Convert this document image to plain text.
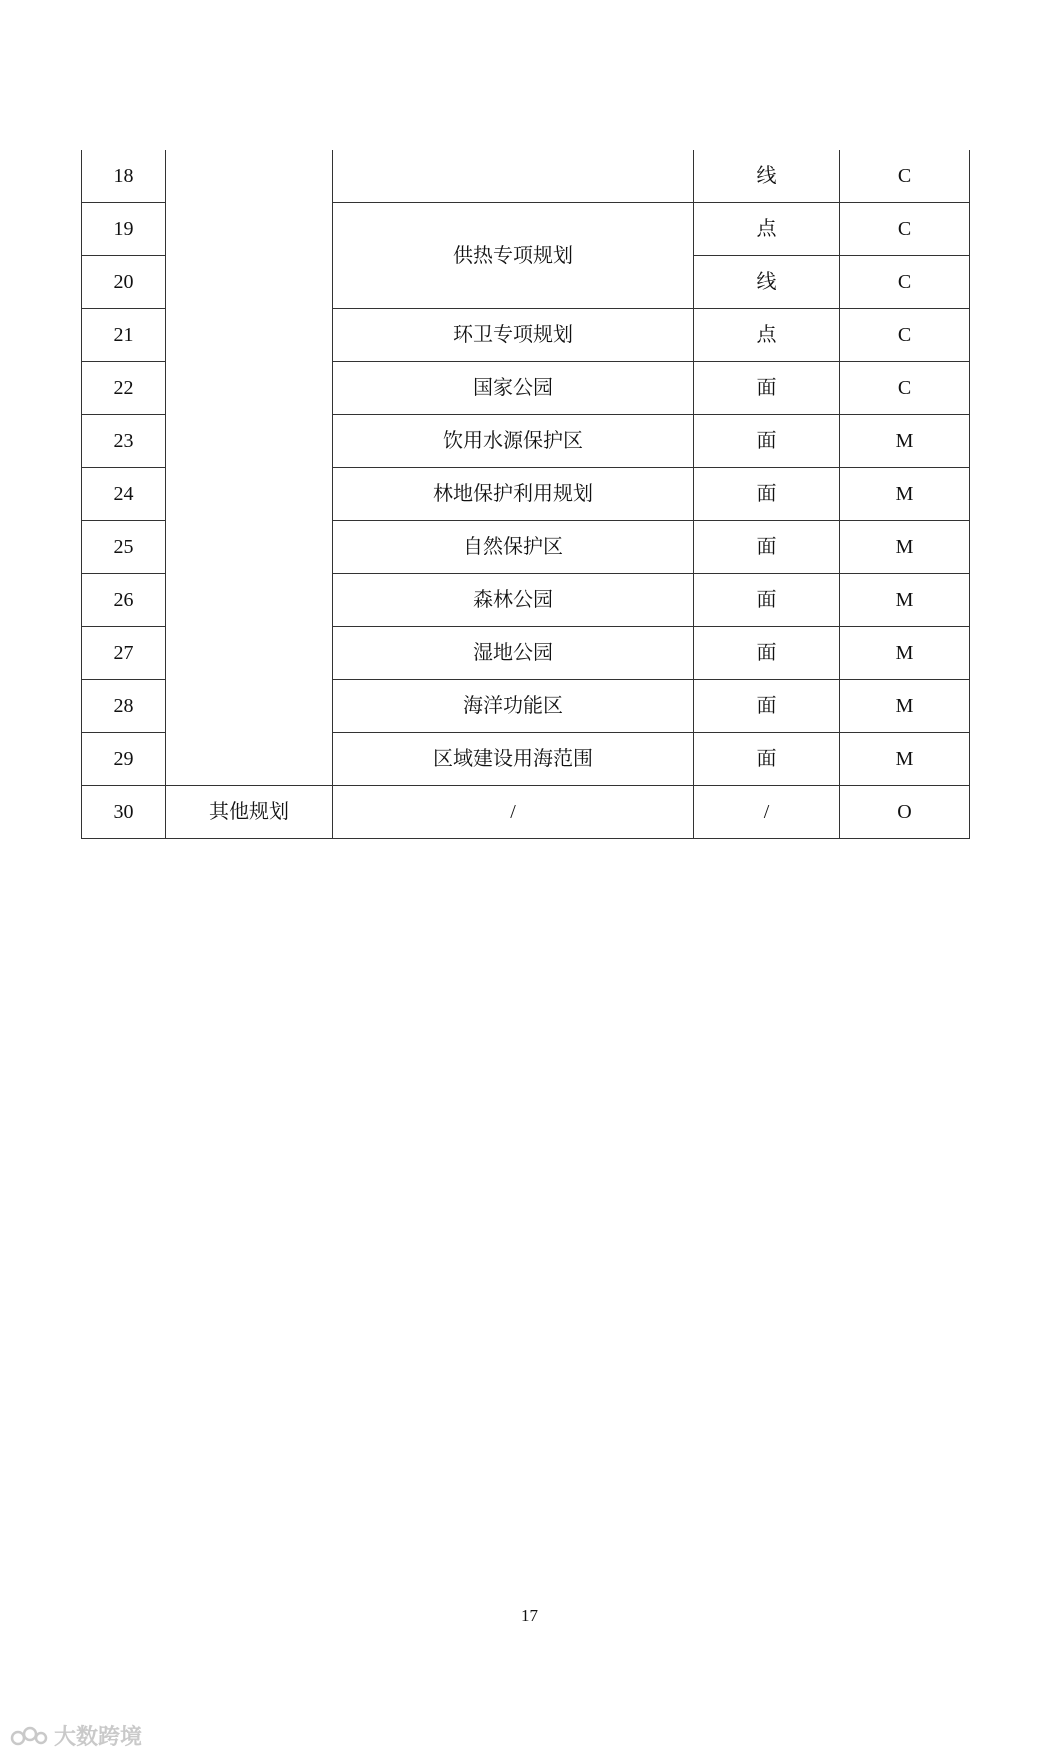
18			线	C
19		供热专项规划	点	C
20			线	C
21		环卫专项规划	点	C
22		国家公园	面	C
23		饮用水源保护区	面	M
24		林地保护利用规划	面	M
25		自然保护区	面	M
26		森林公园	面	M
27		湿地公园	面	M
28		海洋功能区	面	M
29		区域建设用海范围	面	M
30	其他规划	/	/	O
17
大数跨境
